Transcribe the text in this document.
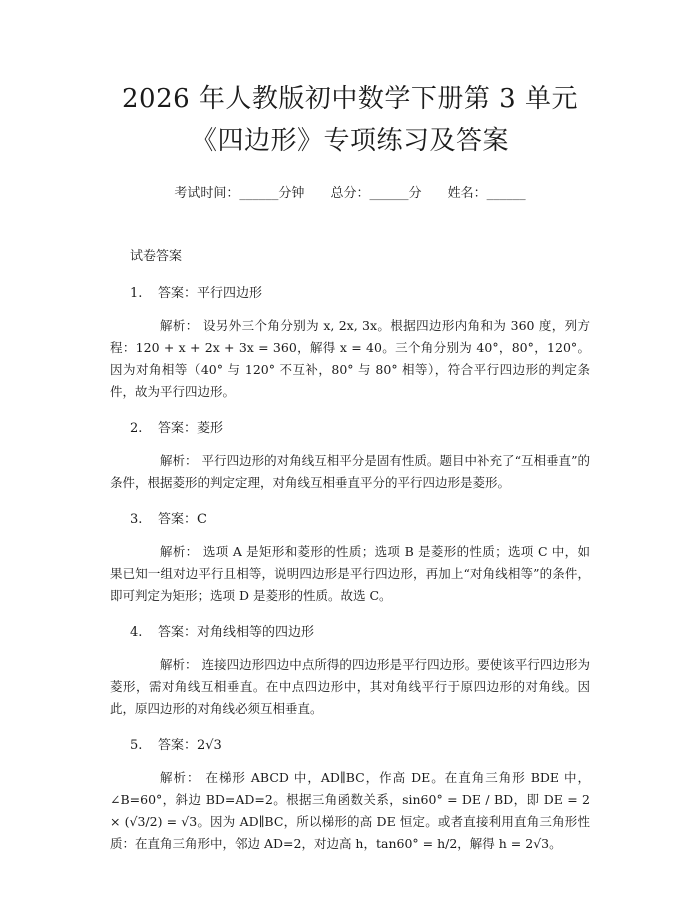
2026 年人教版初中数学下册第 3 单元《四边形》专项练习及答案
考试时间：______分钟 总分：______分 姓名：______
试卷答案
1. 答案：平行四边形

解析： 设另外三个角分别为 x, 2x, 3x。根据四边形内角和为 360 度，列方程：120 + x + 2x + 3x = 360，解得 x = 40。三个角分别为 40°，80°，120°。因为对角相等（40° 与 120° 不互补，80° 与 80° 相等），符合平行四边形的判定条件，故为平行四边形。

2. 答案：菱形

解析： 平行四边形的对角线互相平分是固有性质。题目中补充了“互相垂直”的条件，根据菱形的判定定理，对角线互相垂直平分的平行四边形是菱形。

3. 答案：C

解析： 选项 A 是矩形和菱形的性质；选项 B 是菱形的性质；选项 C 中，如果已知一组对边平行且相等，说明四边形是平行四边形，再加上“对角线相等”的条件，即可判定为矩形；选项 D 是菱形的性质。故选 C。

4. 答案：对角线相等的四边形

解析： 连接四边形四边中点所得的四边形是平行四边形。要使该平行四边形为菱形，需对角线互相垂直。在中点四边形中，其对角线平行于原四边形的对角线。因此，原四边形的对角线必须互相垂直。

5. 答案：2√3

解析： 在梯形 ABCD 中，AD∥BC，作高 DE。在直角三角形 BDE 中，∠B=60°，斜边 BD=AD=2。根据三角函数关系，sin60° = DE / BD，即 DE = 2 × (√3/2) = √3。因为 AD∥BC，所以梯形的高 DE 恒定。或者直接利用直角三角形性质：在直角三角形中，邻边 AD=2，对边高 h，tan60° = h/2，解得 h = 2√3。
